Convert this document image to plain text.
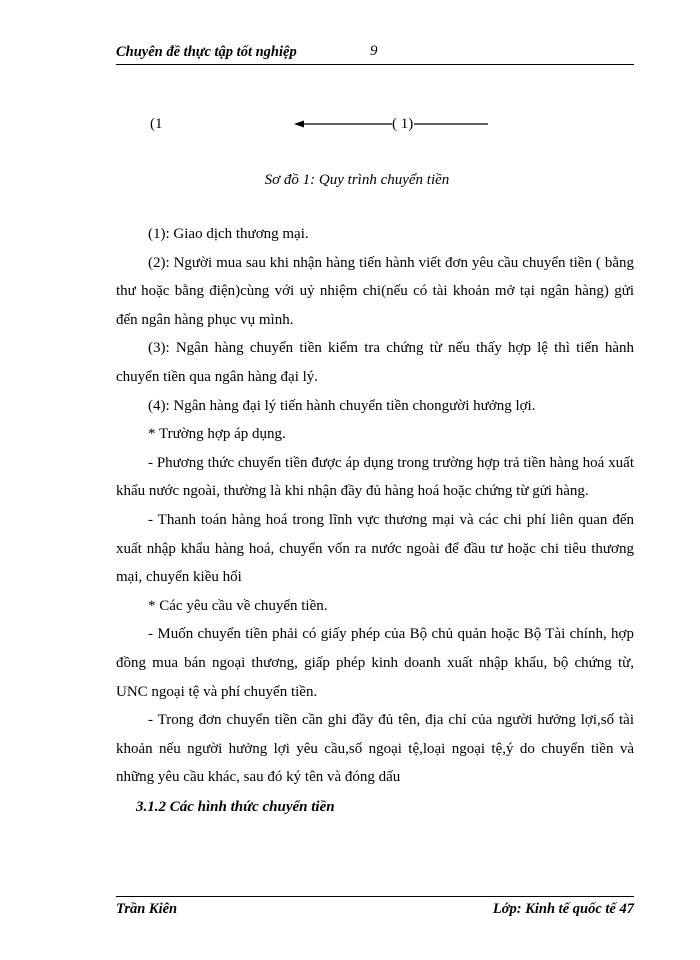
Chuyên đề thực tập tốt nghiệp	9
(1	( 1)
Sơ đồ 1: Quy trình chuyển tiền

(1): Giao dịch thương mại.

(2): Người mua sau khi nhận hàng tiến hành viết đơn yêu cầu chuyển tiền ( bằng thư hoặc bằng điện)cùng với uỷ nhiệm chi(nếu có tài khoản mở tại ngân hàng) gửi đến ngân hàng phục vụ mình.

(3): Ngân hàng chuyển tiền kiểm tra chứng từ nếu thấy hợp lệ thì tiến hành chuyển tiền qua ngân hàng đại lý.

(4): Ngân hàng đại lý tiến hành chuyển tiền chongười hưởng lợi.

* Trường hợp áp dụng.

- Phương thức chuyển tiền được áp dụng trong trường hợp trả tiền hàng hoá xuất khẩu nước ngoài, thường là khi nhận đầy đủ hàng hoá hoặc chứng từ gửi hàng.

- Thanh toán hàng hoá trong lĩnh vực thương mại và các chi phí liên quan đến xuất nhập khẩu hàng hoá, chuyển vốn ra nước ngoài để đầu tư hoặc chi tiêu thương mại, chuyển kiều hối

* Các yêu cầu về chuyển tiền.

- Muốn chuyển tiền phải có giấy phép của Bộ chủ quản hoặc Bộ Tài chính, hợp đồng mua bán ngoại thương, giấp phép kinh doanh xuất nhập khẩu, bộ chứng từ, UNC ngoại tệ và phí chuyển tiền.

- Trong đơn chuyển tiền cần ghi đầy đủ tên, địa chỉ của người hưởng lợi,số tài khoản nếu người hưởng lợi yêu cầu,số ngoại tệ,loại ngoại tệ,ý do chuyển tiền và những yêu cầu khác, sau đó ký tên và đóng dấu

3.1.2 Các hình thức chuyển tiền

Trần Kiên	Lớp: Kinh tế quốc tế 47
